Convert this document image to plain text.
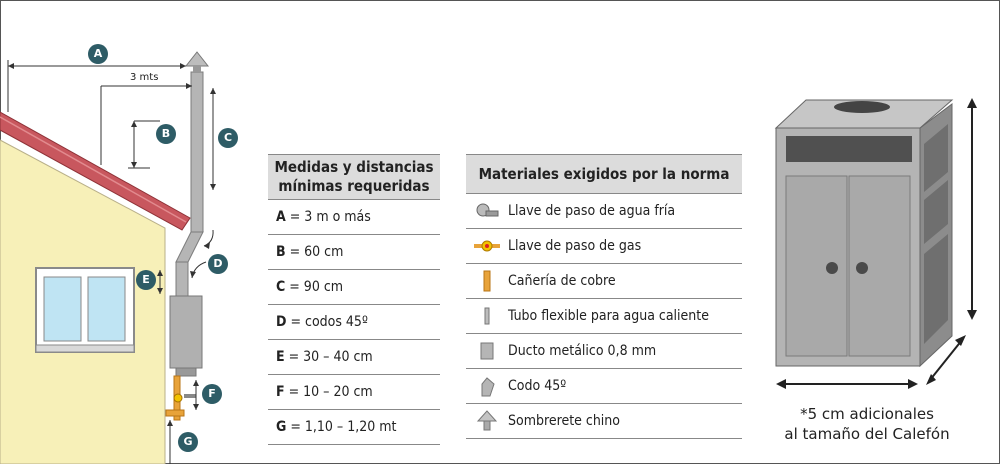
A
B	C
D
E
F
G
3 mts
Medidas y distancias
mínimas requeridas
A = 3 m o más
B = 60 cm
C = 90 cm
D = codos 45º
E = 30 – 40 cm
F = 10 – 20 cm
G = 1,10 – 1,20 mt
Materiales exigidos por la norma
Llave de paso de agua fría
Llave de paso de gas
Cañería de cobre
Tubo flexible para agua caliente
Ducto metálico 0,8 mm
Codo 45º
Sombrerete chino	*5 cm adicionales
al tamaño del Calefón
